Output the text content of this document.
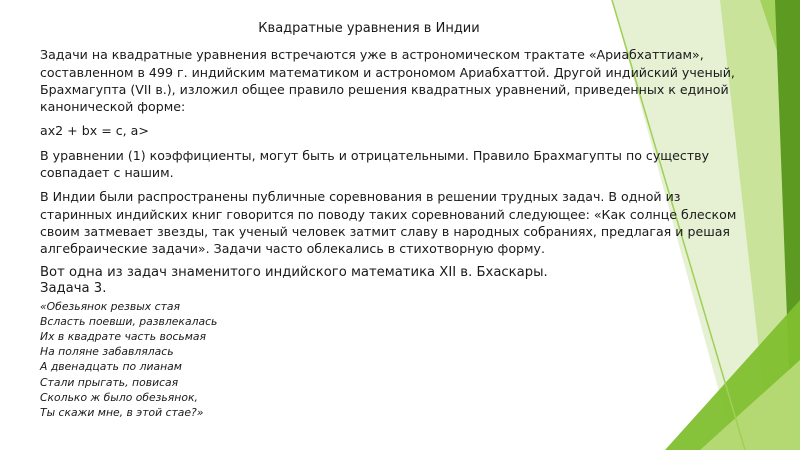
Квадратные уравнения в Индии
Задачи на квадратные уравнения встречаются уже в астрономическом трактате «Ариабхаттиам», составленном в 499 г. индийским математиком и астрономом Ариабхаттой. Другой индийский ученый, Брахмагупта (VII в.), изложил общее правило решения квадратных уравнений, приведенных к единой канонической форме:
ax2 + bx = c, a>
В уравнении (1) коэффициенты, могут быть и отрицательными. Правило Брахмагупты по существу совпадает с нашим.
В Индии были распространены публичные соревнования в решении трудных задач. В одной из старинных индийских книг говорится по поводу таких соревнований следующее: «Как солнце блеском своим затмевает звезды, так ученый человек затмит славу в народных собраниях, предлагая и решая алгебраические задачи». Задачи часто облекались в стихотворную форму.
Вот одна из задач знаменитого индийского математика XII в. Бхаскары.
Задача 3.
«Обезьянок резвых стая
Всласть поевши, развлекалась
Их в квадрате часть восьмая
На поляне забавлялась
А двенадцать по лианам
Стали прыгать, повисая
Сколько ж было обезьянок,
Ты скажи мне, в этой стае?»
